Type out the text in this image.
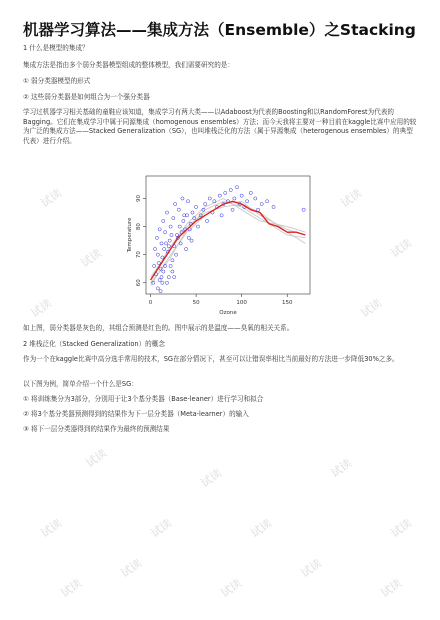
机器学习算法——集成方法（Ensemble）之Stacking
1 什么是模型的集成？
集成方法是指由多个弱分类器模型组成的整体模型，我们需要研究的是：
① 弱分类器模型的形式
② 这些弱分类器是如何组合为一个强分类器
学习过机器学习相关基础的童鞋应该知道，集成学习有两大类——以Adaboost为代表的Boosting和以RandomForest为代表的Bagging。它们在集成学习中属于同源集成（homogenous ensembles）方法；而今天我将主要对一种目前在kaggle比赛中应用的较为广泛的集成方法——Stacked Generalization（SG），也叫堆栈泛化的方法（属于异源集成（heterogenous ensembles）的典型代表）进行介绍。
0	50	100	150
60
70
80
90
Ozone
Temperature
如上图，弱分类器是灰色的，其组合预测是红色的。图中展示的是温度——臭氧的相关关系。
2 堆栈泛化（Stacked Generalization）的概念
作为一个在kaggle比赛中高分选手常用的技术，SG在部分情况下，甚至可以让错误率相比当前最好的方法进一步降低30%之多。
以下图为例，简单介绍一个什么是SG：
① 将训练集分为3部分，分别用于让3个基分类器（Base-leaner）进行学习和拟合
② 将3个基分类器预测得到的结果作为下一层分类器（Meta-learner）的输入
③ 将下一层分类器得到的结果作为最终的预测结果
试读
试读
试读
试读
试读
试读
试读
试读
试读
试读
试读
试读
试读
试读	试读
试读
试读	试读
